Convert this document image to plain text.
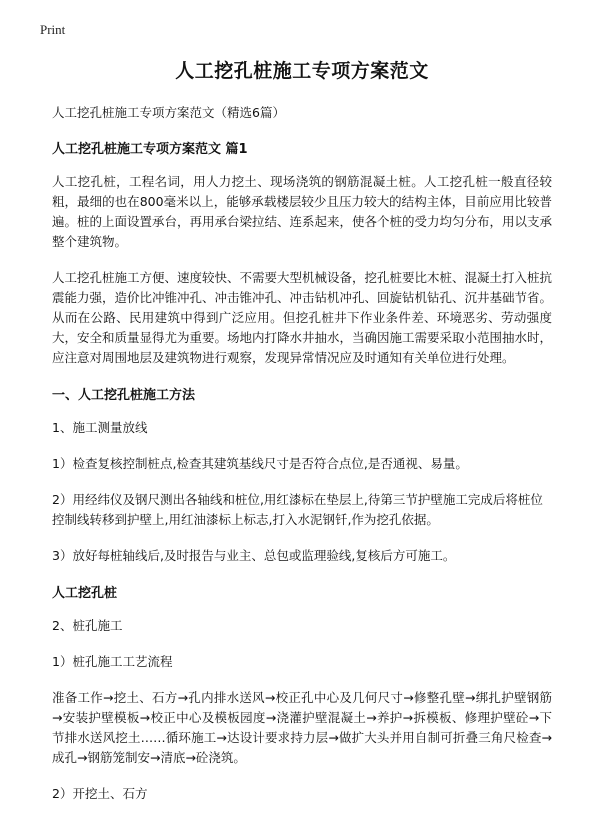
Print
人工挖孔桩施工专项方案范文
人工挖孔桩施工专项方案范文（精选6篇）
人工挖孔桩施工专项方案范文 篇1
人工挖孔桩，工程名词，用人力挖土、现场浇筑的钢筋混凝土桩。人工挖孔桩一般直径较粗，最细的也在800毫米以上，能够承载楼层较少且压力较大的结构主体，目前应用比较普遍。桩的上面设置承台，再用承台梁拉结、连系起来，使各个桩的受力均匀分布，用以支承整个建筑物。
人工挖孔桩施工方便、速度较快、不需要大型机械设备，挖孔桩要比木桩、混凝土打入桩抗震能力强，造价比冲锥冲孔、冲击锥冲孔、冲击钻机冲孔、回旋钻机钻孔、沉井基础节省。从而在公路、民用建筑中得到广泛应用。但挖孔桩井下作业条件差、环境恶劣、劳动强度大，安全和质量显得尤为重要。场地内打降水井抽水，当确因施工需要采取小范围抽水时，应注意对周围地层及建筑物进行观察，发现异常情况应及时通知有关单位进行处理。
一、人工挖孔桩施工方法
1、施工测量放线
1）检查复核控制桩点,检查其建筑基线尺寸是否符合点位,是否通视、易量。
2）用经纬仪及钢尺测出各轴线和桩位,用红漆标在垫层上,待第三节护壁施工完成后将桩位控制线转移到护壁上,用红油漆标上标志,打入水泥钢钎,作为挖孔依据。
3）放好每桩轴线后,及时报告与业主、总包或监理验线,复核后方可施工。
人工挖孔桩
2、桩孔施工
1）桩孔施工工艺流程
准备工作→挖土、石方→孔内排水送风→校正孔中心及几何尺寸→修整孔壁→绑扎护壁钢筋→安装护壁模板→校正中心及模板园度→浇灌护壁混凝土→养护→拆模板、修理护壁砼→下节排水送风挖土……循环施工→达设计要求持力层→做扩大头并用自制可折叠三角尺检查→成孔→钢筋笼制安→清底→砼浇筑。
2）开挖土、石方
